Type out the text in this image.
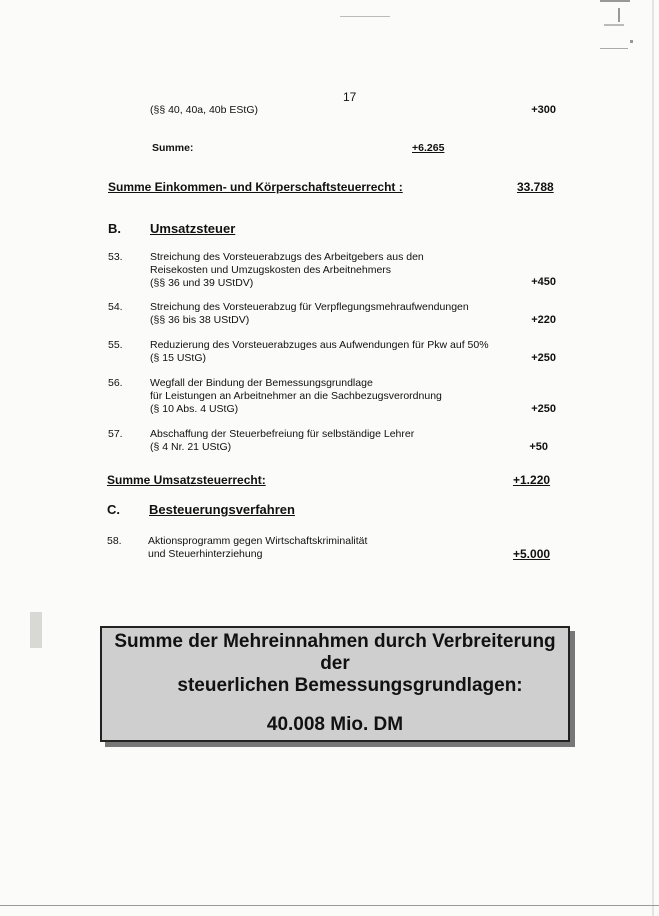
17
(§§ 40, 40a, 40b EStG)	+300
Summe:	+6.265
Summe Einkommen- und Körperschaftsteuerrecht :	33.788
B. Umsatzsteuer
53.	Streichung des Vorsteuerabzugs des Arbeitgebers aus den
Reisekosten und Umzugskosten des Arbeitnehmers
(§§ 36 und 39 UStDV)	+450
54.	Streichung des Vorsteuerabzug für Verpflegungsmehraufwendungen
(§§ 36 bis 38 UStDV)	+220
55.	Reduzierung des Vorsteuerabzuges aus Aufwendungen für Pkw auf 50%
(§ 15 UStG)	+250
56.	Wegfall der Bindung der Bemessungsgrundlage
für Leistungen an Arbeitnehmer an die Sachbezugsverordnung
(§ 10 Abs. 4 UStG)	+250
57.	Abschaffung der Steuerbefreiung für selbständige Lehrer
(§ 4 Nr. 21 UStG)	+50
Summe Umsatzsteuerrecht:	+1.220
C. Besteuerungsverfahren
58.	Aktionsprogramm gegen Wirtschaftskriminalität
und Steuerhinterziehung	+5.000
Summe der Mehreinnahmen durch Verbreiterung der
steuerlichen Bemessungsgrundlagen:
40.008 Mio. DM
